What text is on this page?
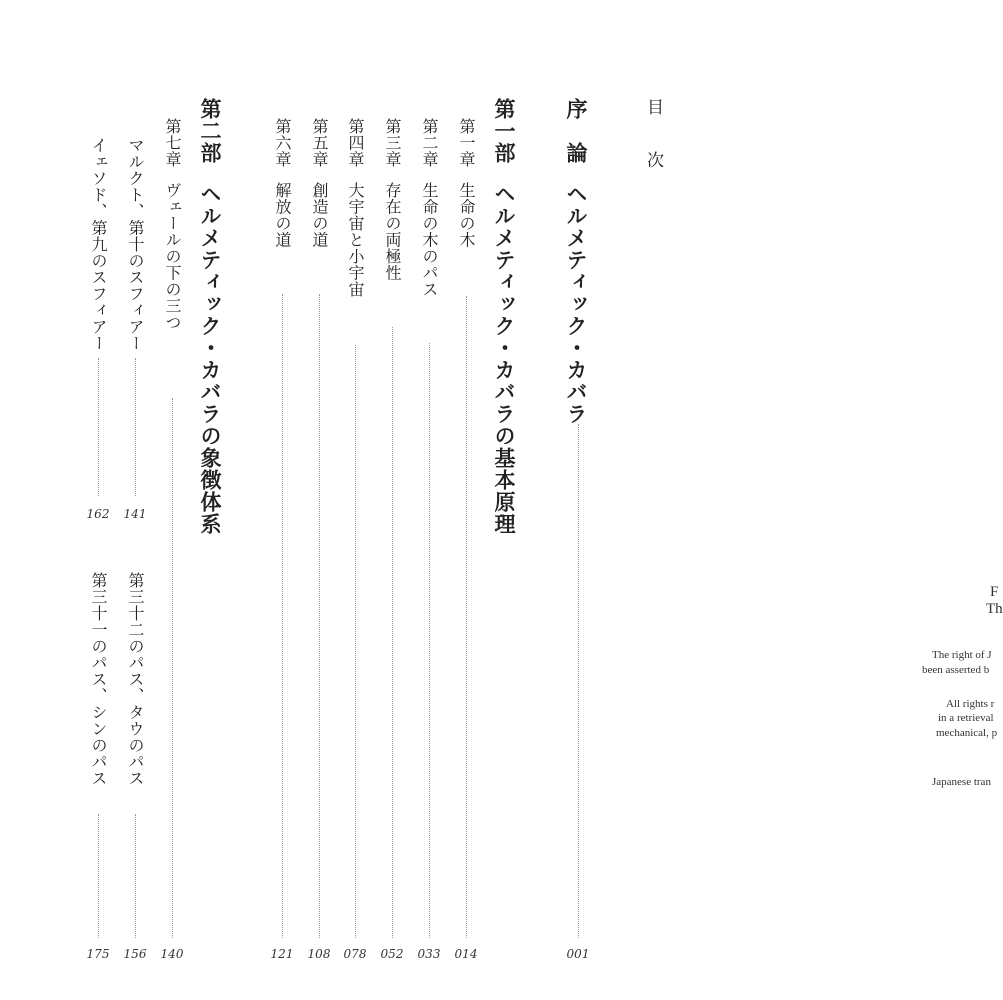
目
次
序　論ヘルメティック・カバラ
001
第一部ヘルメティック・カバラの基本原理
第一章生命の木
014
第二章生命の木のパス
033
第三章存在の両極性
052
第四章大宇宙と小宇宙
078
第五章創造の道
108
第六章解放の道
121
第二部ヘルメティック・カバラの象徴体系
第七章ヴェールの下の三つ
140
マルクト、第十のスフィアー
141
イェソド、第九のスフィアー
162
第三十二のパス、タウのパス
156
第三十一のパス、シンのパス
175
F
Th
The right of J
been asserted b
All rights r
in a retrieval
mechanical, p
Japanese tran
